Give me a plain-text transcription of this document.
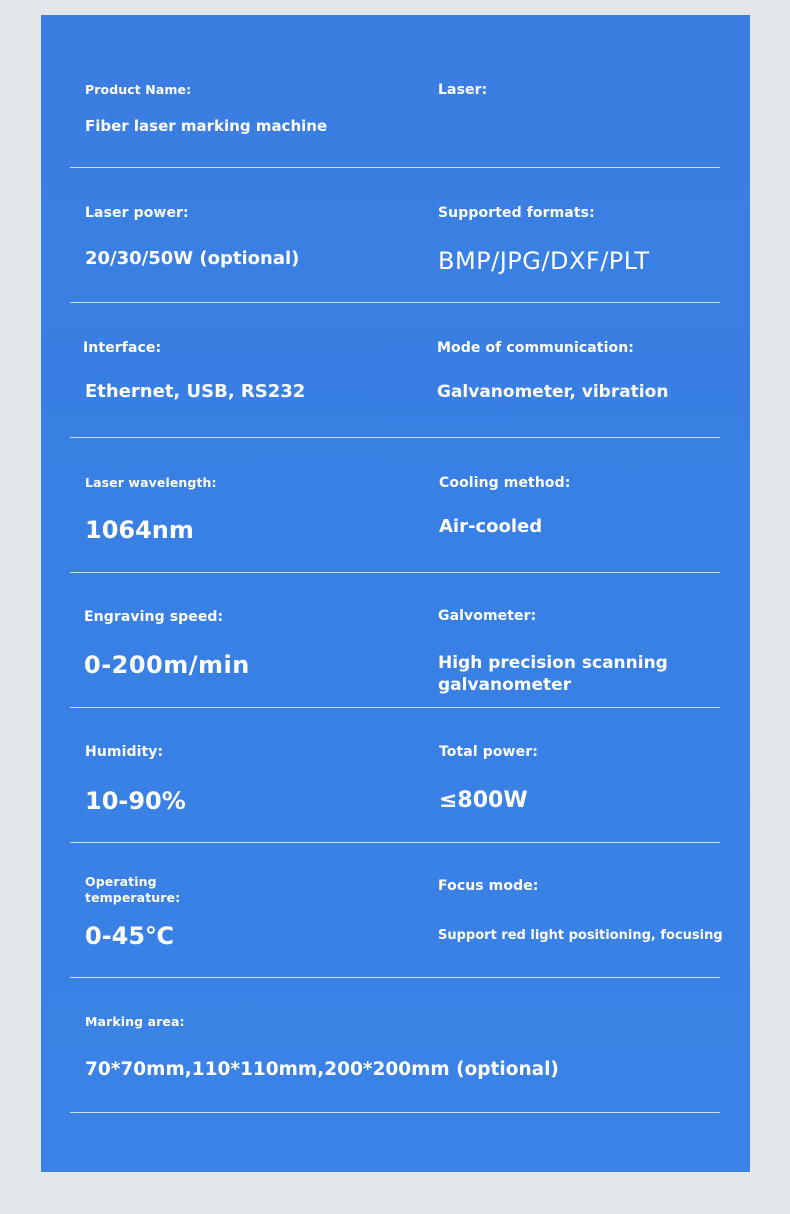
Product Name:
Fiber laser marking machine
Laser:
Laser power:
20/30/50W (optional)
Supported formats:
BMP/JPG/DXF/PLT
Interface:
Ethernet, USB, RS232
Mode of communication:
Galvanometer, vibration
Laser wavelength:
1064nm
Cooling method:
Air-cooled
Engraving speed:
0-200m/min
Galvometer:
High precision scanning galvanometer
Humidity:
10-90%
Total power:
≤800W
Operating temperature:
0-45℃
Focus mode:
Support red light positioning, focusing
Marking area:
70*70mm,110*110mm,200*200mm (optional)
